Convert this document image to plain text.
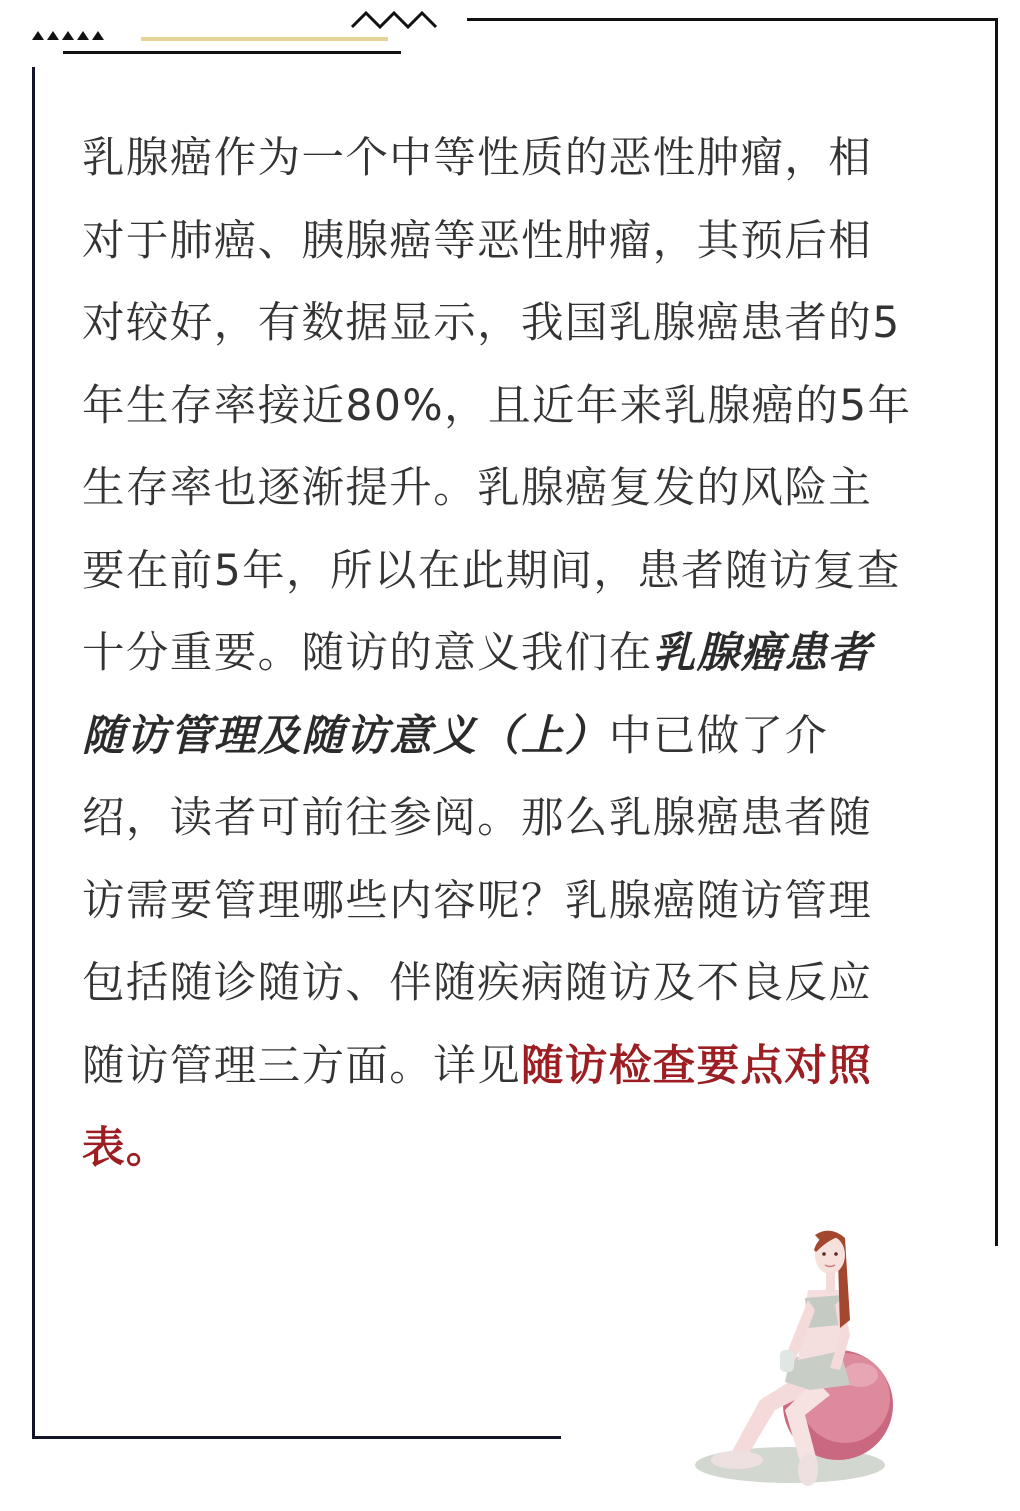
乳腺癌作为一个中等性质的恶性肿瘤，相
对于肺癌、胰腺癌等恶性肿瘤，其预后相
对较好，有数据显示，我国乳腺癌患者的5
年生存率接近80%，且近年来乳腺癌的5年
生存率也逐渐提升。乳腺癌复发的风险主
要在前5年，所以在此期间，患者随访复查
十分重要。随访的意义我们在乳腺癌患者
随访管理及随访意义（上）中已做了介
绍，读者可前往参阅。那么乳腺癌患者随
访需要管理哪些内容呢？乳腺癌随访管理
包括随诊随访、伴随疾病随访及不良反应
随访管理三方面。详见随访检查要点对照
表。
